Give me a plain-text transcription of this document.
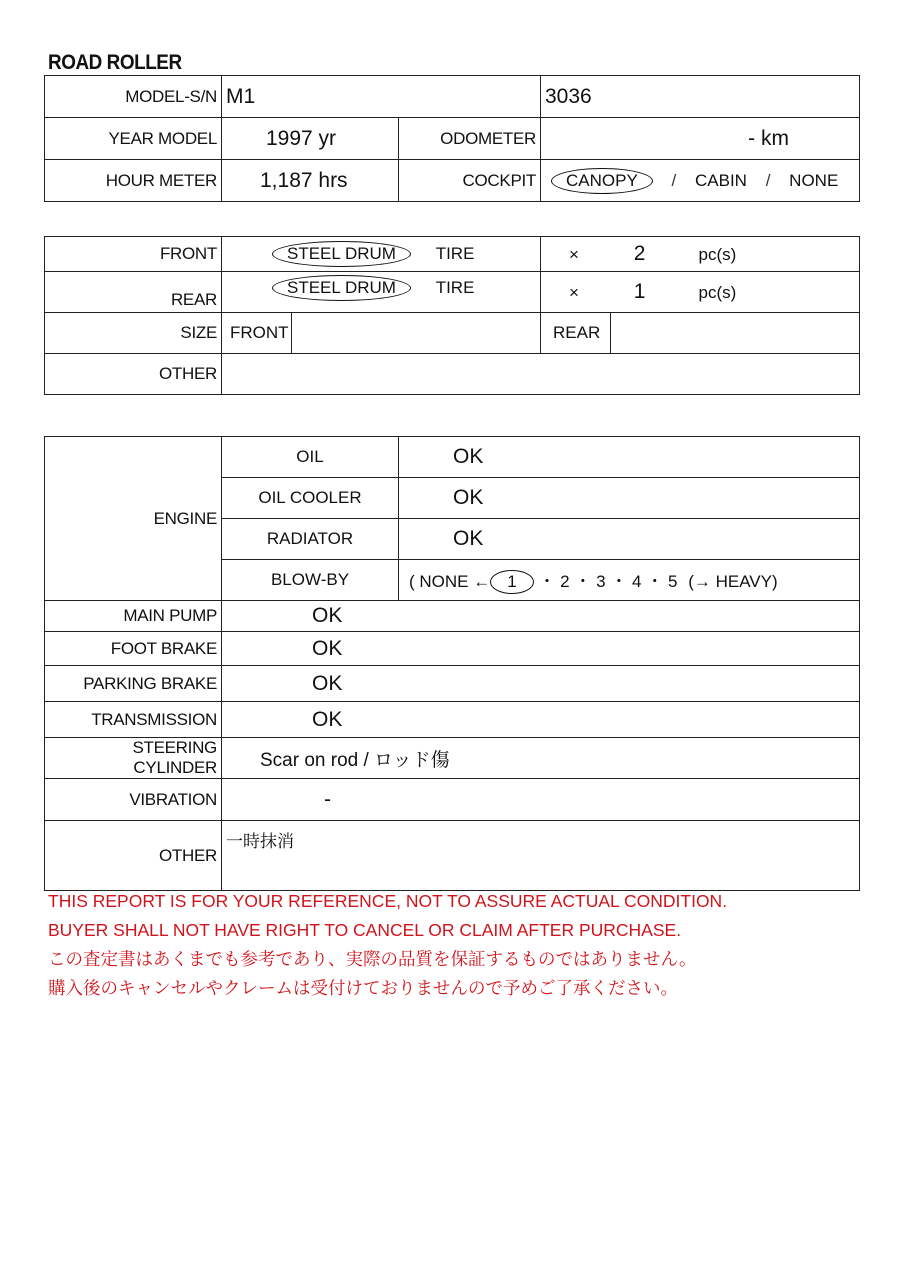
ROAD ROLLER
MODEL-S/N	M1		3036
YEAR MODEL	1997 yr	ODOMETER	- km
HOUR METER	1,187 hrs	COCKPIT	CANOPY / CABIN / NONE
FRONT	STEEL DRUM TIRE		× 2 pc(s)	
REAR	STEEL DRUM TIRE		× 1 pc(s)	
SIZE	FRONT		REAR	
OTHER				
ENGINE	OIL	OK
	OIL COOLER	OK
	RADIATOR	OK
	BLOW-BY	( NONE ← 1 ・ 2 ・ 3 ・ 4 ・ 5 (→ HEAVY)
MAIN PUMP	OK	
FOOT BRAKE	OK	
PARKING BRAKE	OK	
TRANSMISSION	OK	
STEERING CYLINDER	Scar on rod / ロッド傷	
VIBRATION	-	
OTHER	一時抹消	
THIS REPORT IS FOR YOUR REFERENCE, NOT TO ASSURE ACTUAL CONDITION.
BUYER SHALL NOT HAVE RIGHT TO CANCEL OR CLAIM AFTER PURCHASE.
この査定書はあくまでも参考であり、実際の品質を保証するものではありません。
購入後のキャンセルやクレームは受付けておりませんので予めご了承ください。
